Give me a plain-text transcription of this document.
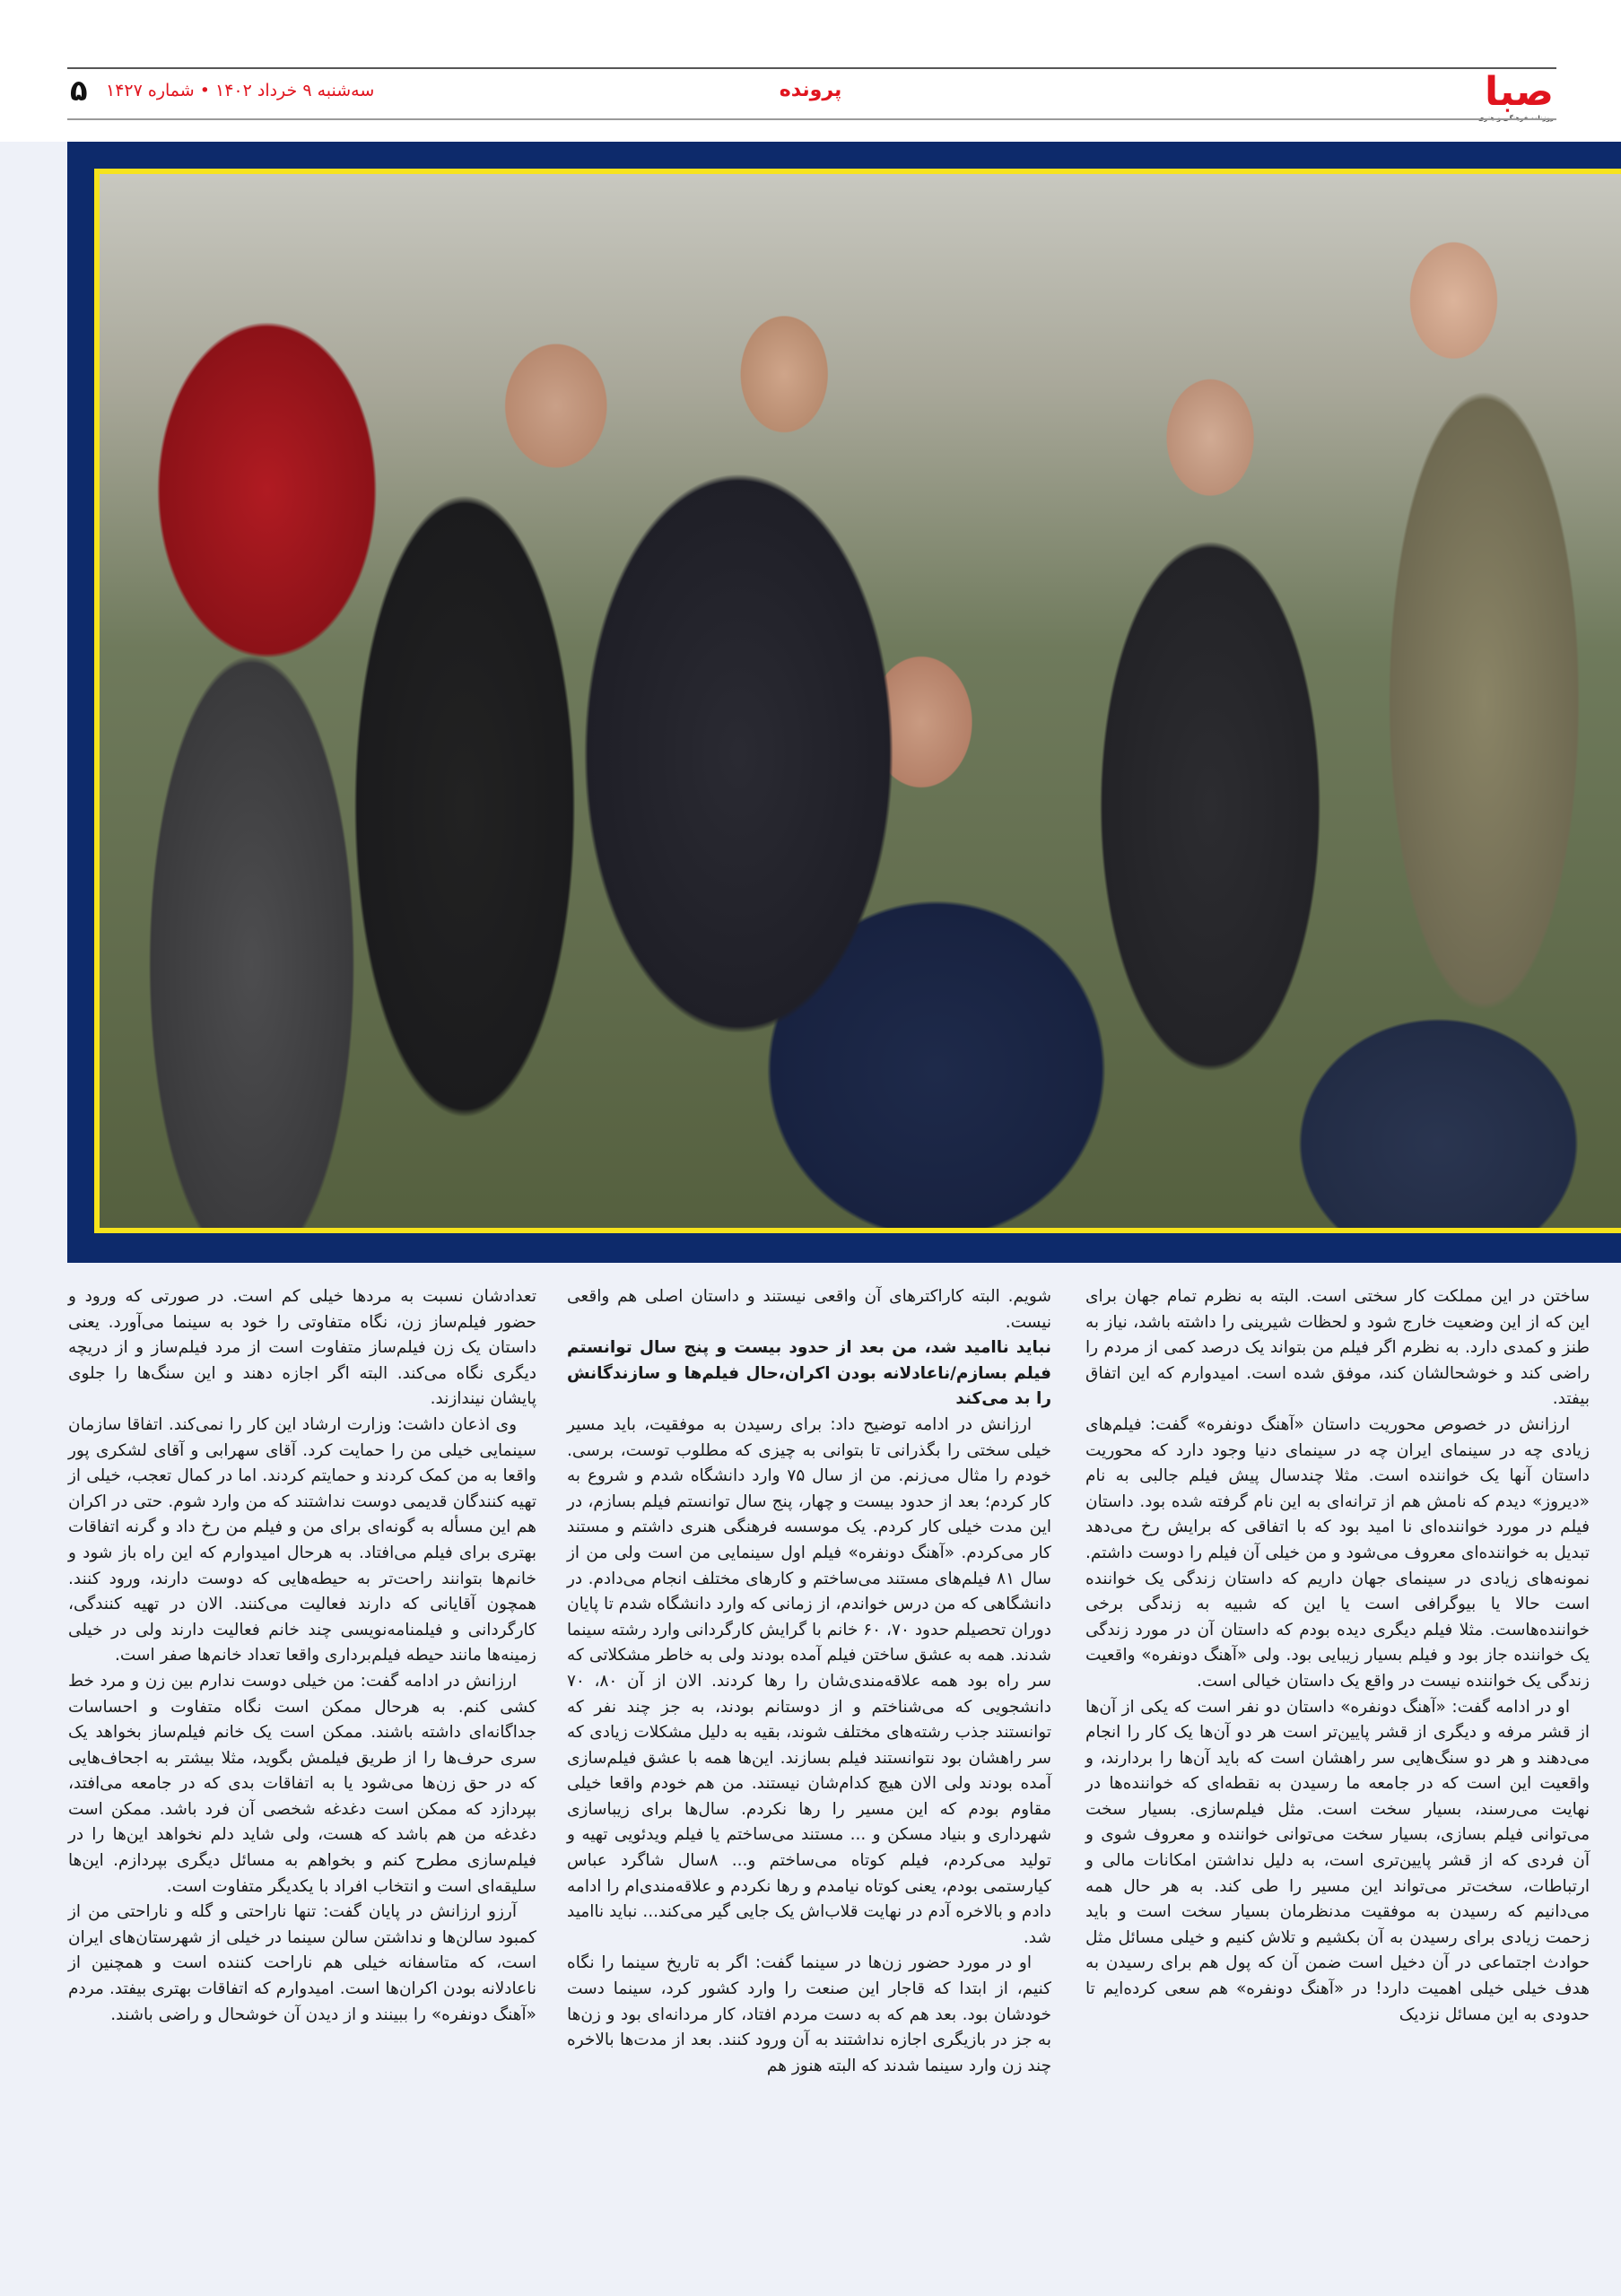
صبا
پرونده
سه‌شنبه ۹ خرداد ۱۴۰۲ • شماره ۱۴۲۷
۵

ساختن در این مملکت کار سختی است. البته به نظرم تمام جهان برای این که از این وضعیت خارج شود و لحظات شیرینی را داشته باشد، نیاز به طنز و کمدی دارد. به نظرم اگر فیلم من بتواند یک درصد کمی از مردم را راضی کند و خوشحالشان کند، موفق شده است. امیدوارم که این اتفاق بیفتد.

ارزانش در خصوص محوریت داستان «آهنگ دونفره» گفت: فیلم‌های زیادی چه در سینمای ایران چه در سینمای دنیا وجود دارد که محوریت داستان آنها یک خواننده است. مثلا چندسال پیش فیلم جالبی به نام «دیروز» دیدم که نامش هم از ترانه‌ای به این نام گرفته شده بود. داستان فیلم در مورد خواننده‌ای نا امید بود که با اتفاقی که برایش رخ می‌دهد تبدیل به خواننده‌ای معروف می‌شود و من خیلی آن فیلم را دوست داشتم. نمونه‌های زیادی در سینمای جهان داریم که داستان زندگی یک خواننده است حالا یا بیوگرافی است یا این که شبیه به زندگی برخی خواننده‌هاست. مثلا فیلم دیگری دیده بودم که داستان آن در مورد زندگی یک خواننده جاز بود و فیلم بسیار زیبایی بود. ولی «آهنگ دونفره» واقعیت زندگی یک خواننده نیست در واقع یک داستان خیالی است.

او در ادامه گفت: «آهنگ دونفره» داستان دو نفر است که یکی از آن‌ها از قشر مرفه و دیگری از قشر پایین‌تر است هر دو آن‌ها یک کار را انجام می‌دهند و هر دو سنگ‌هایی سر راهشان است که باید آن‌ها را بردارند، و واقعیت این است که در جامعه ما رسیدن به نقطه‌ای که خواننده‌ها در نهایت می‌رسند، بسیار سخت است. مثل فیلم‌سازی. بسیار سخت می‌توانی فیلم بسازی، بسیار سخت می‌توانی خواننده و معروف شوی و آن فردی که از قشر پایین‌تری است، به دلیل نداشتن امکانات مالی و ارتباطات، سخت‌تر می‌تواند این مسیر را طی کند. به هر حال همه می‌دانیم که رسیدن به موفقیت مدنظرمان بسیار سخت است و باید زحمت زیادی برای رسیدن به آن بکشیم و تلاش کنیم و خیلی مسائل مثل حوادث اجتماعی در آن دخیل است ضمن آن که پول هم برای رسیدن به هدف خیلی خیلی اهمیت دارد! در «آهنگ دونفره» هم سعی کرده‌ایم تا حدودی به این مسائل نزدیک

شویم. البته کاراکترهای آن واقعی نیستند و داستان اصلی هم واقعی نیست.

نباید ناامید شد، من بعد از حدود بیست و پنج سال توانستم فیلم بسازم/ناعادلانه بودن اکران،حال فیلم‌ها و سازندگانش را بد می‌کند

ارزانش در ادامه توضیح داد: برای رسیدن به موفقیت، باید مسیر خیلی سختی را بگذرانی تا بتوانی به چیزی که مطلوب توست، برسی. خودم را مثال می‌زنم. من از سال ۷۵ وارد دانشگاه شدم و شروع به کار کردم؛ بعد از حدود بیست و چهار، پنج سال توانستم فیلم بسازم، در این مدت خیلی کار کردم. یک موسسه فرهنگی هنری داشتم و مستند کار می‌کردم. «آهنگ دونفره» فیلم اول سینمایی من است ولی من از سال ۸۱ فیلم‌های مستند می‌ساختم و کارهای مختلف انجام می‌دادم. در دانشگاهی که من درس خواندم، از زمانی که وارد دانشگاه شدم تا پایان دوران تحصیلم حدود ۷۰، ۶۰ خانم با گرایش کارگردانی وارد رشته سینما شدند. همه به عشق ساختن فیلم آمده بودند ولی به خاطر مشکلاتی که سر راه بود همه علاقه‌مندی‌شان را رها کردند. الان از آن ۸۰، ۷۰ دانشجویی که می‌شناختم و از دوستانم بودند، به جز چند نفر که توانستند جذب رشته‌های مختلف شوند، بقیه به دلیل مشکلات زیادی که سر راهشان بود نتوانستند فیلم بسازند. این‌ها همه با عشق فیلم‌سازی آمده بودند ولی الان هیچ کدام‌شان نیستند. من هم خودم واقعا خیلی مقاوم بودم که این مسیر را رها نکردم. سال‌ها برای زیباسازی شهرداری و بنیاد مسکن و ... مستند می‌ساختم یا فیلم ویدئویی تهیه و تولید می‌کردم، فیلم کوتاه می‌ساختم و... ۸سال شاگرد عباس کیارستمی بودم، یعنی کوتاه نیامدم و رها نکردم و علاقه‌مندی‌ام را ادامه دادم و بالاخره آدم در نهایت قلاب‌اش یک جایی گیر می‌کند... نباید ناامید شد.

او در مورد حضور زن‌ها در سینما گفت: اگر به تاریخ سینما را نگاه کنیم، از ابتدا که قاجار این صنعت را وارد کشور کرد، سینما دست خودشان بود. بعد هم که به دست مردم افتاد، کار مردانه‌ای بود و زن‌ها به جز در بازیگری اجازه نداشتند به آن ورود کنند. بعد از مدت‌ها بالاخره چند زن وارد سینما شدند که البته هنوز هم

تعدادشان نسبت به مردها خیلی کم است. در صورتی که ورود و حضور فیلم‌ساز زن، نگاه متفاوتی را خود به سینما می‌آورد. یعنی داستان یک زن فیلم‌ساز متفاوت است از مرد فیلم‌ساز و از دریچه دیگری نگاه می‌کند. البته اگر اجازه دهند و این سنگ‌ها را جلوی پایشان نیندازند.

وی اذعان داشت: وزارت ارشاد این کار را نمی‌کند. اتفاقا سازمان سینمایی خیلی من را حمایت کرد. آقای سهرابی و آقای لشکری پور واقعا به من کمک کردند و حمایتم کردند. اما در کمال تعجب، خیلی از تهیه کنندگان قدیمی دوست نداشتند که من وارد شوم. حتی در اکران هم این مسأله به گونه‌ای برای من و فیلم من رخ داد و گرنه اتفاقات بهتری برای فیلم می‌افتاد. به هرحال امیدوارم که این راه باز شود و خانم‌ها بتوانند راحت‌تر به حیطه‌هایی که دوست دارند، ورود کنند. همچون آقایانی که دارند فعالیت می‌کنند. الان در تهیه کنندگی، کارگردانی و فیلمنامه‌نویسی چند خانم فعالیت دارند ولی در خیلی زمینه‌ها مانند حیطه فیلم‌برداری واقعا تعداد خانم‌ها صفر است.

ارزانش در ادامه گفت: من خیلی دوست ندارم بین زن و مرد خط کشی کنم. به هرحال ممکن است نگاه متفاوت و احساسات جداگانه‌ای داشته باشند. ممکن است یک خانم فیلم‌ساز بخواهد یک سری حرف‌ها را از طریق فیلمش بگوید، مثلا بیشتر به اجحاف‌هایی که در حق زن‌ها می‌شود یا به اتفاقات بدی که در جامعه می‌افتد، بپردازد که ممکن است دغدغه شخصی آن فرد باشد. ممکن است دغدغه من هم باشد که هست، ولی شاید دلم نخواهد این‌ها را در فیلم‌سازی مطرح کنم و بخواهم به مسائل دیگری بپردازم. این‌ها سلیقه‌ای است و انتخاب افراد با یکدیگر متفاوت است.

آرزو ارزانش در پایان گفت: تنها ناراحتی و گله و ناراحتی من از کمبود سالن‌ها و نداشتن سالن سینما در خیلی از شهرستان‌های ایران است، که متاسفانه خیلی هم ناراحت کننده است و همچنین از ناعادلانه بودن اکران‌ها است. امیدوارم که اتفاقات بهتری بیفتد. مردم «آهنگ دونفره» را ببینند و از دیدن آن خوشحال و راضی باشند.
